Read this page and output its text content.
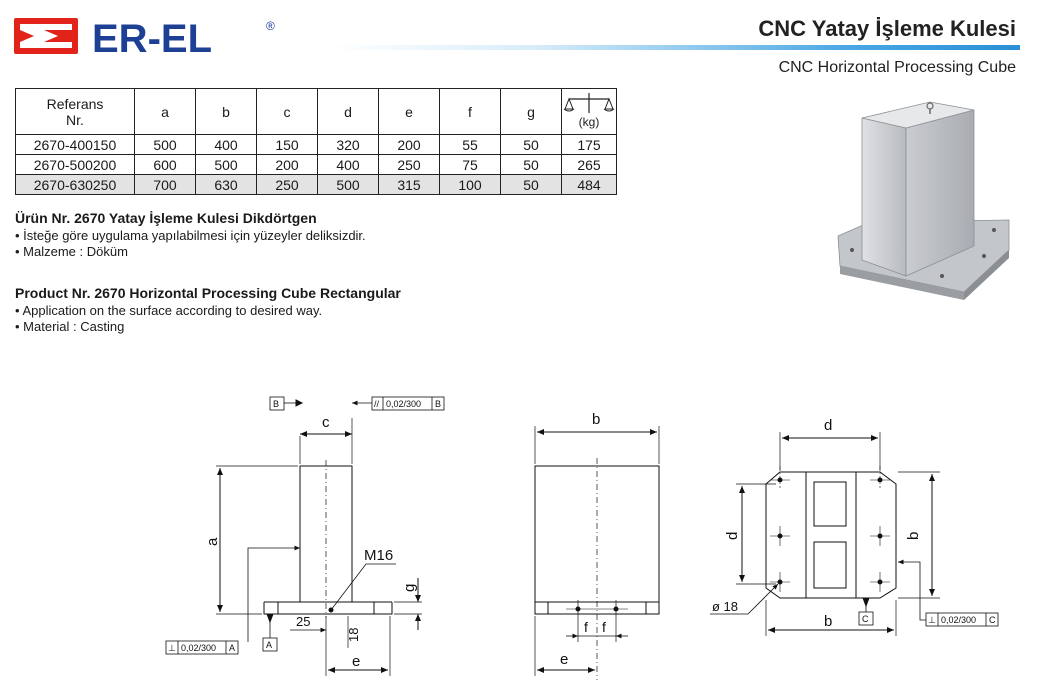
ER-EL	®	CNC Yatay İşleme Kulesi
CNC Horizontal Processing Cube
Referans
Nr.	a	b	c	d	e	f	g	(kg)

2670-400150	500	400	150	320	200	55	50	175
2670-500200	600	500	200	400	250	75	50	265
2670-630250	700	630	250	500	315	100	50	484
Ürün Nr. 2670 Yatay İşleme Kulesi Dikdörtgen
• İsteğe göre uygulama yapılabilmesi için yüzeyler deliksizdir.
• Malzeme : Döküm
Product Nr. 2670 Horizontal Processing Cube Rectangular
• Application on the surface according to desired way.
• Material : Casting
c
a
B	// 0,02/300 B
⊥ 0,02/300 A	A
M16
g
25
18
e
b
f f
e
d
d	b
b
ø 18
C	⊥ 0,02/300 C
